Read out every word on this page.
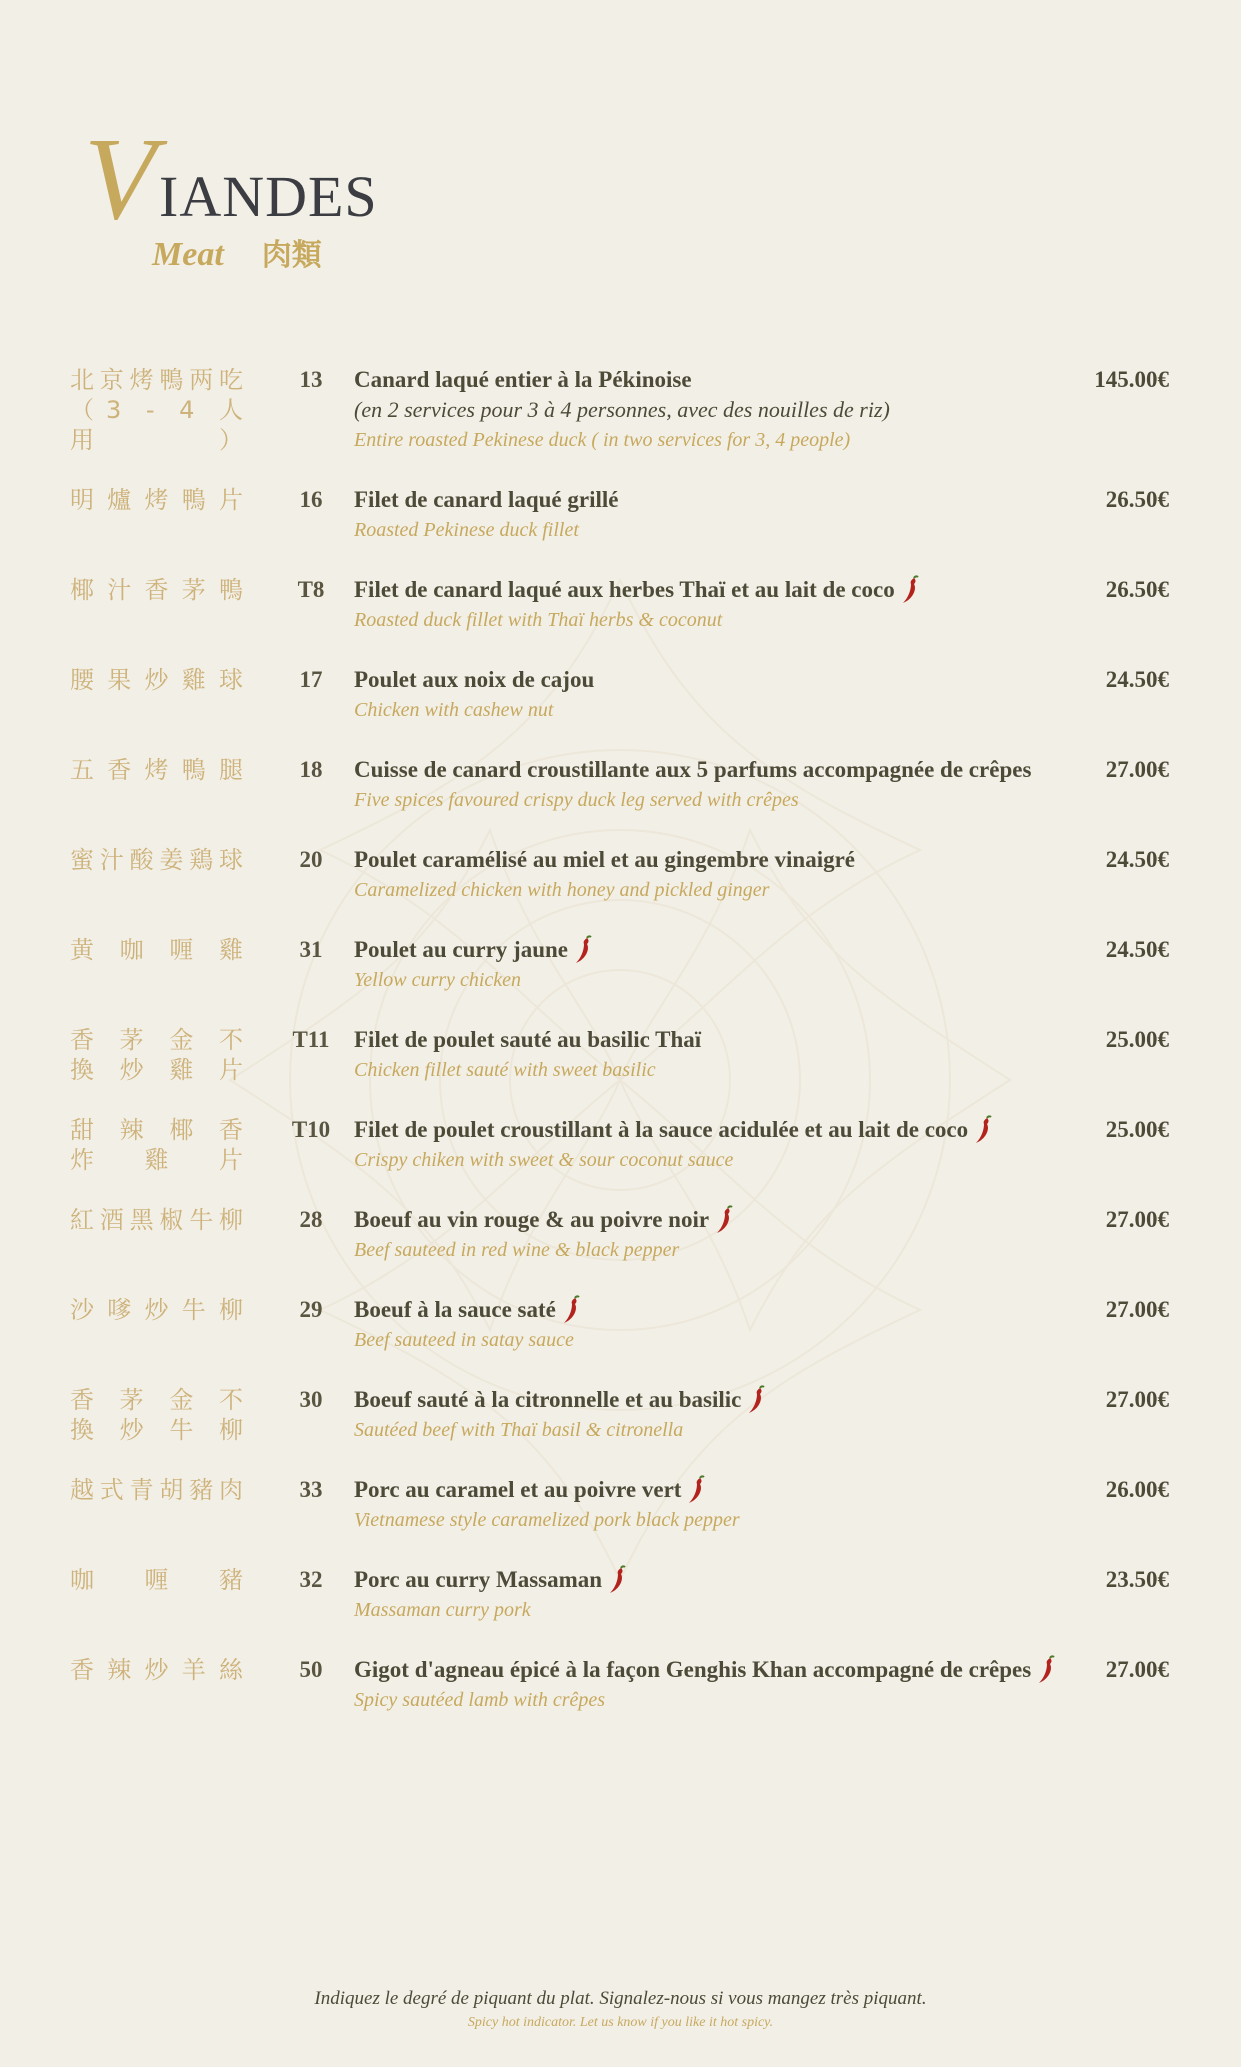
V IANDES
Meat 肉類
北京烤鴨两吃
（3 - 4 人 用 ）
13	Canard laqué entier à la Pékinoise
(en 2 services pour 3 à 4 personnes, avec des nouilles de riz)
Entire roasted Pekinese duck ( in two services for 3, 4 people)
145.00€
明爐烤鴨片	16	Filet de canard laqué grillé
Roasted Pekinese duck fillet
26.50€
椰汁香茅鴨	T8	Filet de canard laqué aux herbes Thaï et au lait de coco
Roasted duck fillet with Thaï herbs & coconut
26.50€
腰果炒雞球	17	Poulet aux noix de cajou
Chicken with cashew nut
24.50€
五香烤鴨腿	18	Cuisse de canard croustillante aux 5 parfums accompagnée de crêpes
Five spices favoured crispy duck leg served with crêpes
27.00€
蜜汁酸姜鶏球	20	Poulet caramélisé au miel et au gingembre vinaigré
Caramelized chicken with honey and pickled ginger
24.50€
黄咖喱雞	31	Poulet au curry jaune
Yellow curry chicken
24.50€
香茅金不
換炒雞片
T11	Filet de poulet sauté au basilic Thaï
Chicken fillet sauté with sweet basilic
25.00€
甜辣椰香
炸雞片
T10	Filet de poulet croustillant à la sauce acidulée et au lait de coco
Crispy chiken with sweet & sour coconut sauce
25.00€
紅酒黑椒牛柳	28	Boeuf au vin rouge & au poivre noir
Beef sauteed in red wine & black pepper
27.00€
沙嗲炒牛柳	29	Boeuf à la sauce saté
Beef sauteed in satay sauce
27.00€
香茅金不
換炒牛柳
30	Boeuf sauté à la citronnelle et au basilic
Sautéed beef with Thaï basil & citronella
27.00€
越式青胡豬肉	33	Porc au caramel et au poivre vert
Vietnamese style caramelized pork black pepper
26.00€
咖喱豬	32	Porc au curry Massaman
Massaman curry pork
23.50€
香辣炒羊絲	50	Gigot d'agneau épicé à la façon Genghis Khan accompagné de crêpes
Spicy sautéed lamb with crêpes
27.00€
Indiquez le degré de piquant du plat. Signalez-nous si vous mangez très piquant.
Spicy hot indicator. Let us know if you like it hot spicy.
